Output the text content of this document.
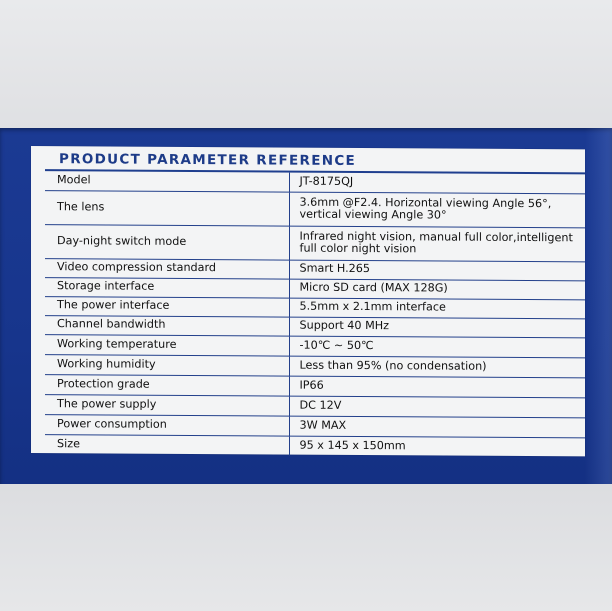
PRODUCT PARAMETER REFERENCE
Model	JT-8175QJ
The lens	3.6mm @F2.4. Horizontal viewing Angle 56°, vertical viewing Angle 30°
Day-night switch mode	Infrared night vision, manual full color,intelligent full color night vision
Video compression standard	Smart H.265
Storage interface	Micro SD card (MAX 128G)
The power interface	5.5mm x 2.1mm interface
Channel bandwidth	Support 40 MHz
Working temperature	-10℃ ~ 50℃
Working humidity	Less than 95% (no condensation)
Protection grade	IP66
The power supply	DC 12V
Power consumption	3W MAX
Size	95 x 145 x 150mm
